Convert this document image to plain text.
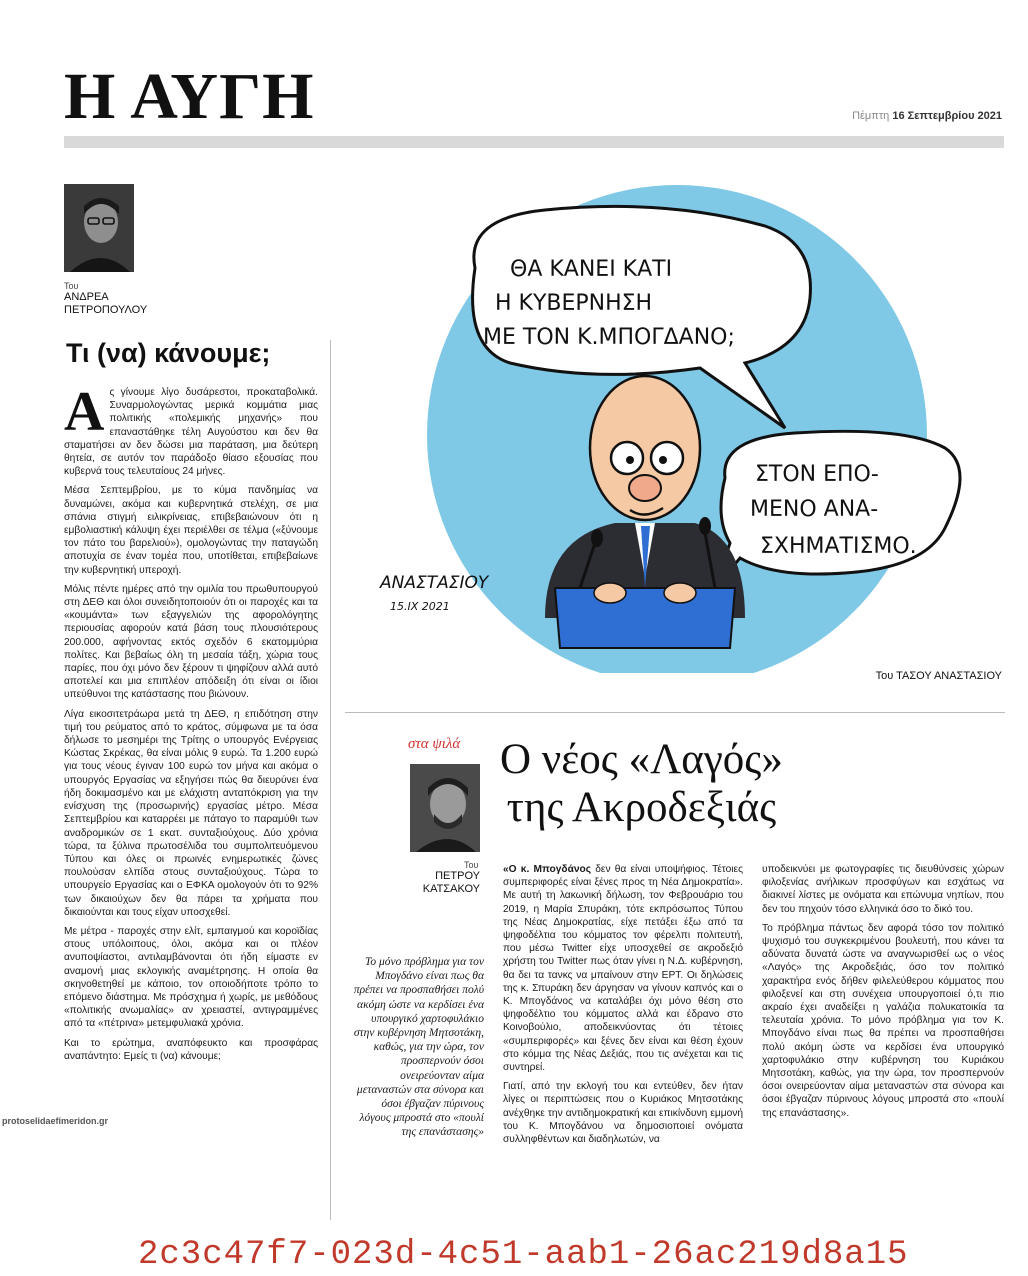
Η ΑΥΓΗ	Πέμπτη 16 Σεπτεμβρίου 2021
Του
ΑΝΔΡΕΑ
ΠΕΤΡΟΠΟΥΛΟΥ
Τι (να) κάνουμε;

Ας γίνουμε λίγο δυσάρεστοι, προκαταβολικά. Συναρμολογώντας μερικά κομμάτια μιας πολιτικής «πολεμικής μηχανής» που επαναστάθηκε τέλη Αυγούστου και δεν θα σταματήσει αν δεν δώσει μια παράταση, μια δεύτερη θητεία, σε αυτόν τον παράδοξο θίασο εξουσίας που κυβερνά τους τελευταίους 24 μήνες.

Μέσα Σεπτεμβρίου, με το κύμα πανδημίας να δυναμώνει, ακόμα και κυβερνητικά στελέχη, σε μια σπάνια στιγμή ειλικρίνειας, επιβεβαιώνουν ότι η εμβολιαστική κάλυψη έχει περιέλθει σε τέλμα («ξύνουμε τον πάτο του βαρελιού»), ομολογώντας την παταγώδη αποτυχία σε έναν τομέα που, υποτίθεται, επιβεβαίωνε την κυβερνητική υπεροχή.

Μόλις πέντε ημέρες από την ομιλία του πρωθυπουργού στη ΔΕΘ και όλοι συνειδητοποιούν ότι οι παροχές και τα «κουμάντα» των εξαγγελιών της αφορολόγητης περιουσίας αφορούν κατά βάση τους πλουσιότερους 200.000, αφήνοντας εκτός σχεδόν 6 εκατομμύρια πολίτες. Και βεβαίως όλη τη μεσαία τάξη, χώρια τους παρίες, που όχι μόνο δεν ξέρουν τι ψηφίζουν αλλά αυτό αποτελεί και μια επιπλέον απόδειξη ότι είναι οι ίδιοι υπεύθυνοι της κατάστασης που βιώνουν.

Λίγα εικοσιτετράωρα μετά τη ΔΕΘ, η επιδότηση στην τιμή του ρεύματος από το κράτος, σύμφωνα με τα όσα δήλωσε το μεσημέρι της Τρίτης ο υπουργός Ενέργειας Κώστας Σκρέκας, θα είναι μόλις 9 ευρώ. Τα 1.200 ευρώ για τους νέους έγιναν 100 ευρώ τον μήνα και ακόμα ο υπουργός Εργασίας να εξηγήσει πώς θα διευρύνει ένα ήδη δοκιμασμένο και με ελάχιστη ανταπόκριση για την ενίσχυση της (προσωρινής) εργασίας μέτρο. Μέσα Σεπτεμβρίου και καταρρέει με πάταγο το παραμύθι των αναδρομικών σε 1 εκατ. συνταξιούχους. Δύο χρόνια τώρα, τα ξύλινα πρωτοσέλιδα του συμπολιτευόμενου Τύπου και όλες οι πρωινές ενημερωτικές ζώνες πουλούσαν ελπίδα στους συνταξιούχους. Τώρα το υπουργείο Εργασίας και ο ΕΦΚΑ ομολογούν ότι το 92% των δικαιούχων δεν θα πάρει τα χρήματα που δικαιούνται και τους είχαν υποσχεθεί.

Με μέτρα - παροχές στην ελίτ, εμπαιγμού και κοροϊδίας στους υπόλοιπους, όλοι, ακόμα και οι πλέον ανυποψίαστοι, αντιλαμβάνονται ότι ήδη είμαστε εν αναμονή μιας εκλογικής αναμέτρησης. Η οποία θα σκηνοθετηθεί με κάποιο, τον οποιοδήποτε τρόπο το επόμενο διάστημα. Με πρόσχημα ή χωρίς, με μεθόδους «πολιτικής ανωμαλίας» αν χρειαστεί, αντιγραμμένες από τα «πέτρινα» μετεμφυλιακά χρόνια.

Και το ερώτημα, αναπόφευκτο και προσφάρας αναπάντητο: Εμείς τι (να) κάνουμε;

ΘΑ ΚΑΝΕΙ ΚΑΤΙ
Η ΚΥΒΕΡΝΗΣΗ
ΜΕ ΤΟΝ Κ.ΜΠΟΓΔΑΝΟ;
ΣΤΟΝ ΕΠΟ-
ΜΕΝΟ ΑΝΑ-
ΣΧΗΜΑΤΙΣΜΟ.
ΑΝΑΣΤΑΣΙΟΥ
15.IX 2021
Του ΤΑΣΟΥ ΑΝΑΣΤΑΣΙΟΥ
στα ψιλά Ο νέος «Λαγός»
της Ακροδεξιάς
Του
ΠΕΤΡΟΥ
ΚΑΤΣΑΚΟΥ
Το μόνο πρόβλημα για τον Μπογδάνο είναι πως θα πρέπει να προσπαθήσει πολύ ακόμη ώστε να κερδίσει ένα υπουργικό χαρτοφυλάκιο στην κυβέρνηση Μητσοτάκη, καθώς, για την ώρα, τον προσπερνούν όσοι ονειρεύονταν αίμα μεταναστών στα σύνορα και όσοι έβγαζαν πύρινους λόγους μπροστά στο «πουλί της επανάστασης»

«Ο κ. Μπογδάνος δεν θα είναι υποψήφιος. Τέτοιες συμπεριφορές είναι ξένες προς τη Νέα Δημοκρατία». Με αυτή τη λακωνική δήλωση, τον Φεβρουάριο του 2019, η Μαρία Σπυράκη, τότε εκπρόσωπος Τύπου της Νέας Δημοκρατίας, είχε πετάξει έξω από τα ψηφοδέλτια του κόμματος τον φέρελπι πολιτευτή, που μέσω Twitter είχε υποσχεθεί σε ακροδεξιό χρήστη του Twitter πως όταν γίνει η Ν.Δ. κυβέρνηση, θα δει τα τανκς να μπαίνουν στην ΕΡΤ. Οι δηλώσεις της κ. Σπυράκη δεν άργησαν να γίνουν καπνός και ο Κ. Μπογδάνος να καταλάβει όχι μόνο θέση στο ψηφοδέλτιο του κόμματος αλλά και έδρανο στο Κοινοβούλιο, αποδεικνύοντας ότι τέτοιες «συμπεριφορές» και ξένες δεν είναι και θέση έχουν στο κόμμα της Νέας Δεξιάς, που τις ανέχεται και τις συντηρεί.

Γιατί, από την εκλογή του και εντεύθεν, δεν ήταν λίγες οι περιπτώσεις που ο Κυριάκος Μητσοτάκης ανέχθηκε την αντιδημοκρατική και επικίνδυνη εμμονή του Κ. Μπογδάνου να δημοσιοποιεί ονόματα συλληφθέντων και διαδηλωτών, να

υποδεικνύει με φωτογραφίες τις διευθύνσεις χώρων φιλοξενίας ανήλικων προσφύγων και εσχάτως να διακινεί λίστες με ονόματα και επώνυμα νηπίων, που δεν του πηχούν τόσο ελληνικά όσο το δικό του.

Το πρόβλημα πάντως δεν αφορά τόσο τον πολιτικό ψυχισμό του συγκεκριμένου βουλευτή, που κάνει τα αδύνατα δυνατά ώστε να αναγνωρισθεί ως ο νέος «Λαγός» της Ακροδεξιάς, όσο τον πολιτικό χαρακτήρα ενός δήθεν φιλελεύθερου κόμματος που φιλοξενεί και στη συνέχεια υπουργοποιεί ό,τι πιο ακραίο έχει αναδείξει η γαλάζια πολυκατοικία τα τελευταία χρόνια. Το μόνο πρόβλημα για τον Κ. Μπογδάνο είναι πως θα πρέπει να προσπαθήσει πολύ ακόμη ώστε να κερδίσει ένα υπουργικό χαρτοφυλάκιο στην κυβέρνηση του Κυριάκου Μητσοτάκη, καθώς, για την ώρα, τον προσπερνούν όσοι ονειρεύονταν αίμα μεταναστών στα σύνορα και όσοι έβγαζαν πύρινους λόγους μπροστά στο «πουλί της επανάστασης».

protoselidaefimeridon.gr
2c3c47f7-023d-4c51-aab1-26ac219d8a15
